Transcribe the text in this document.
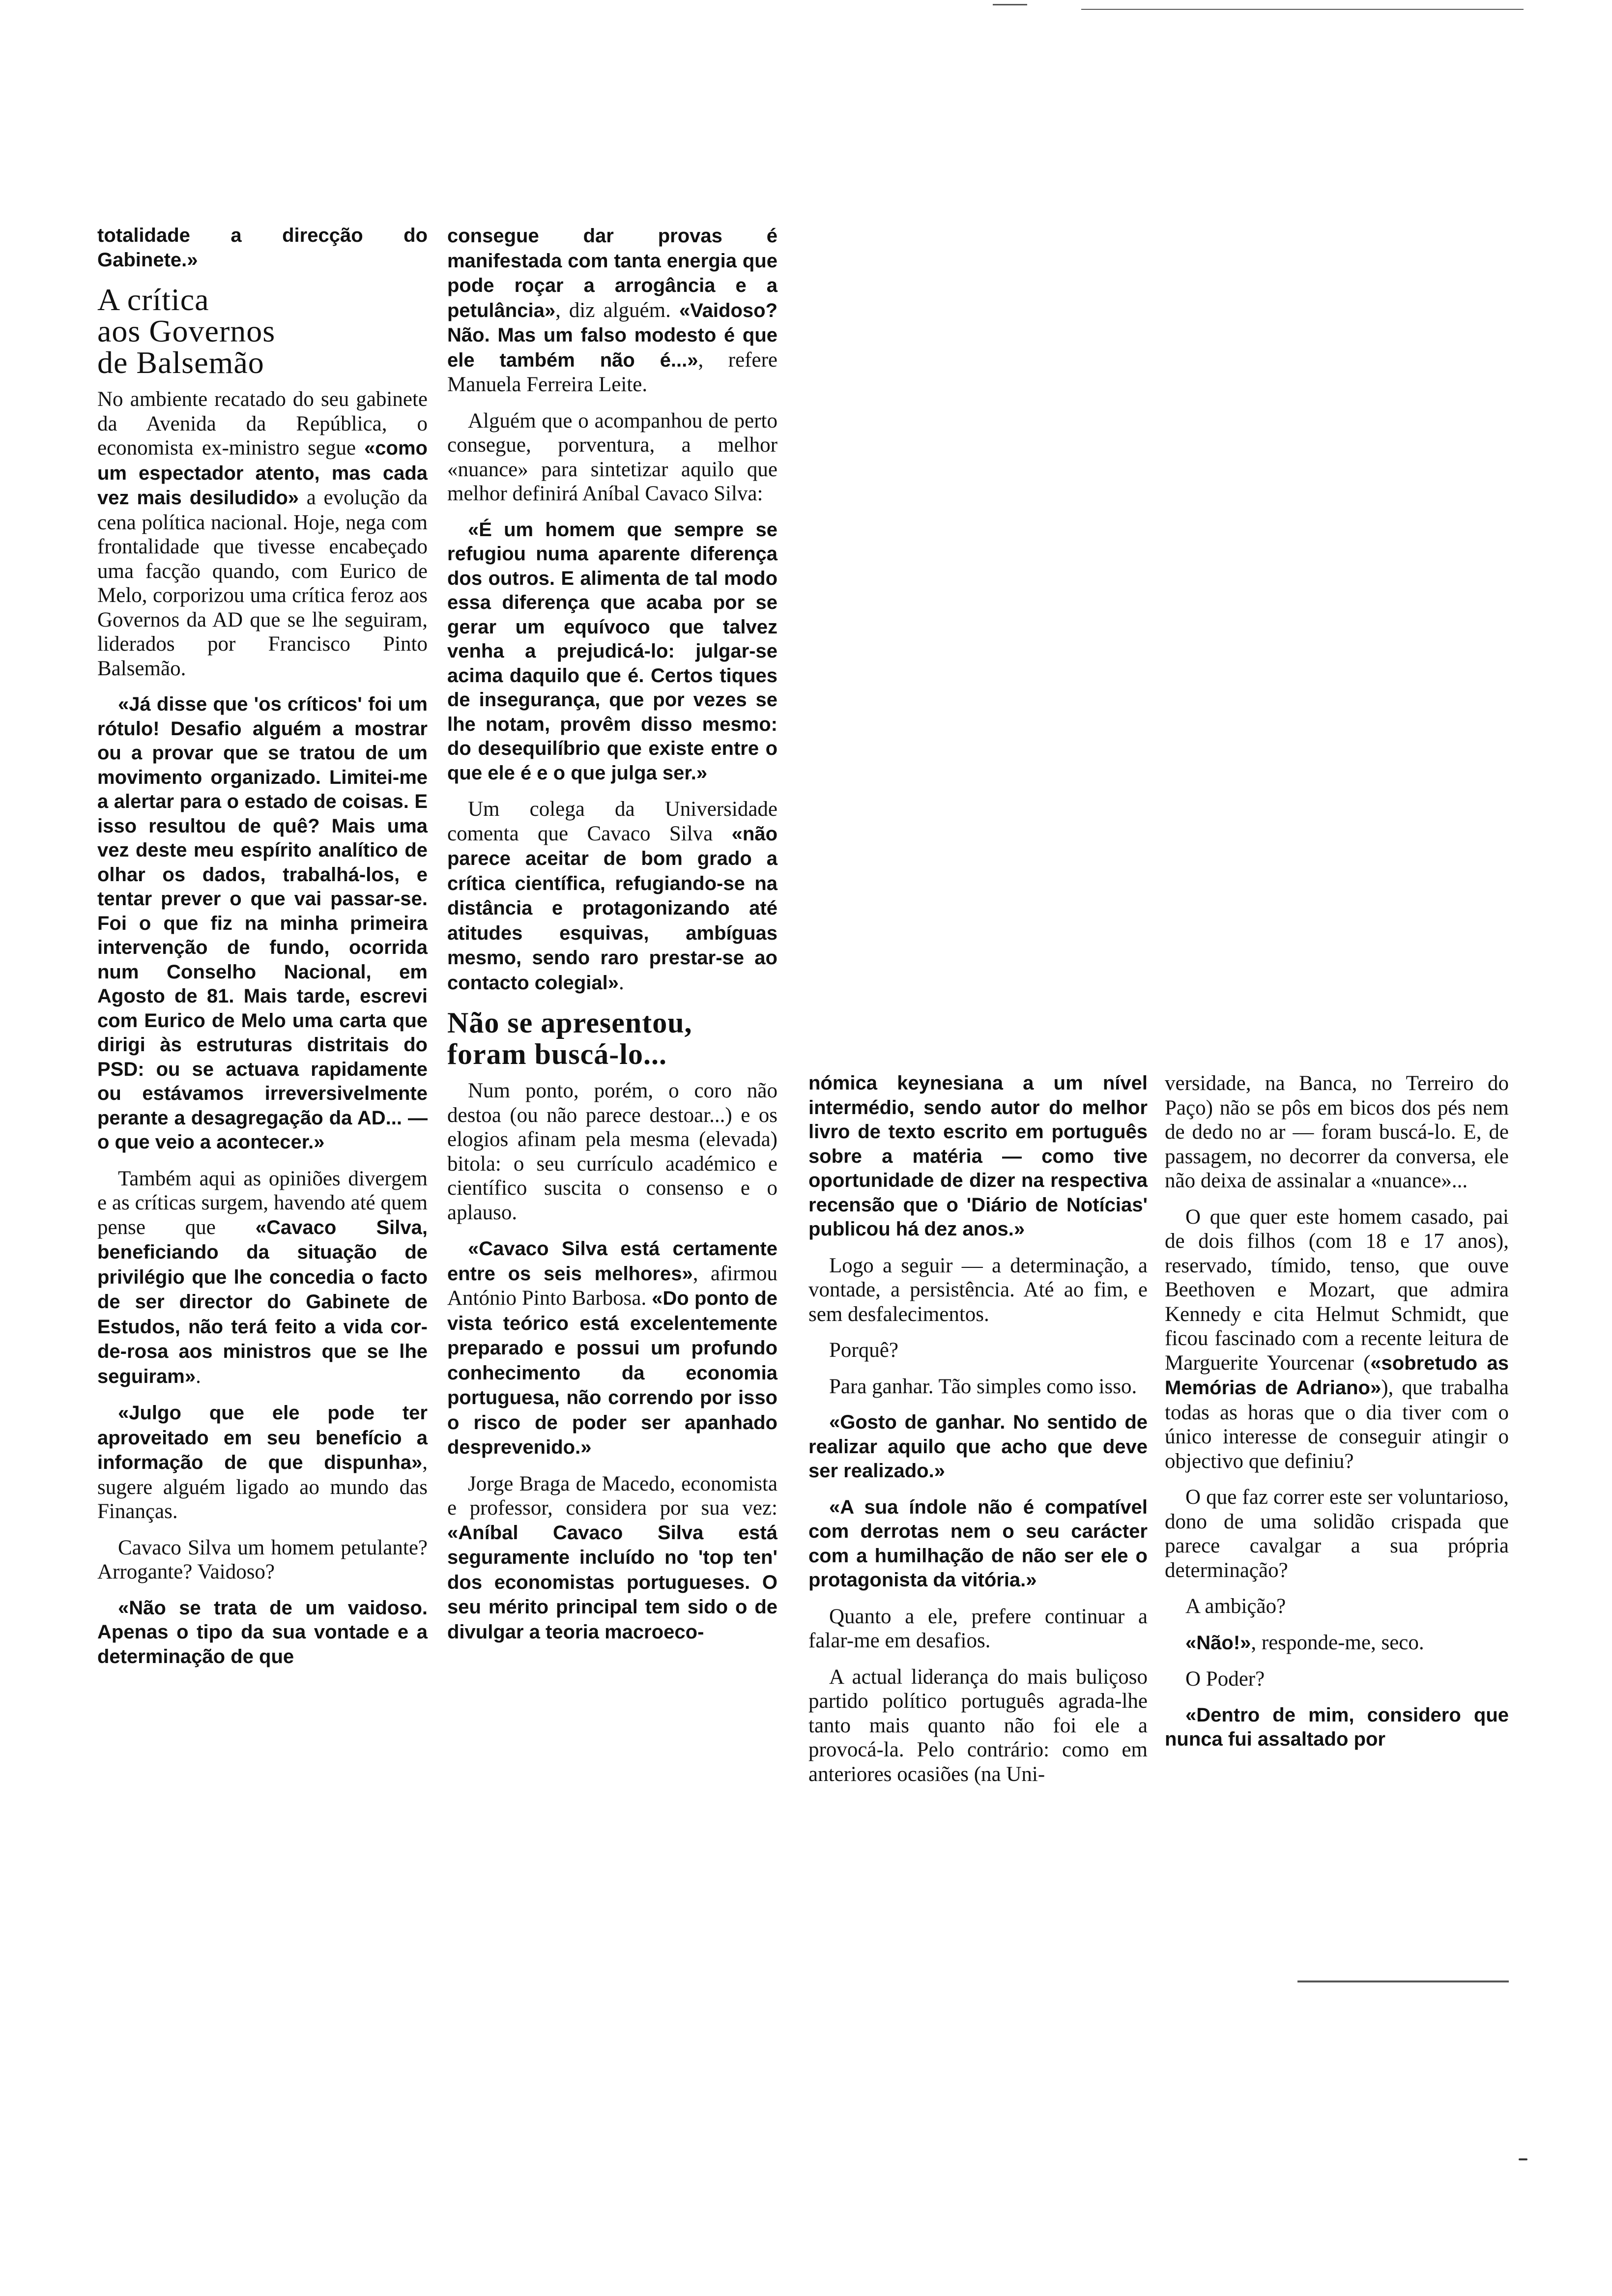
totalidade a direcção do Gabinete.»

A crítica
aos Governos
de Balsemão

No ambiente recatado do seu gabinete da Avenida da República, o economista ex-ministro segue «como um espectador atento, mas cada vez mais desiludido» a evolução da cena política nacional. Hoje, nega com frontalidade que tivesse encabeçado uma facção quando, com Eurico de Melo, corporizou uma crítica feroz aos Governos da AD que se lhe seguiram, liderados por Francisco Pinto Balsemão.

«Já disse que 'os críticos' foi um rótulo! Desafio alguém a mostrar ou a provar que se tratou de um movimento organizado. Limitei-me a alertar para o estado de coisas. E isso resultou de quê? Mais uma vez deste meu espírito analítico de olhar os dados, trabalhá-los, e tentar prever o que vai passar-se. Foi o que fiz na minha primeira intervenção de fundo, ocorrida num Conselho Nacional, em Agosto de 81. Mais tarde, escrevi com Eurico de Melo uma carta que dirigi às estruturas distritais do PSD: ou se actuava rapidamente ou estávamos irreversivelmente perante a desagregação da AD... — o que veio a acontecer.»

Também aqui as opiniões divergem e as críticas surgem, havendo até quem pense que «Cavaco Silva, beneficiando da situação de privilégio que lhe concedia o facto de ser director do Gabinete de Estudos, não terá feito a vida cor-de-rosa aos ministros que se lhe seguiram».

«Julgo que ele pode ter aproveitado em seu benefício a informação de que dispunha», sugere alguém ligado ao mundo das Finanças.

Cavaco Silva um homem petulante? Arrogante? Vaidoso?

«Não se trata de um vaidoso. Apenas o tipo da sua vontade e a determinação de que

consegue dar provas é manifestada com tanta energia que pode roçar a arrogância e a petulância», diz alguém. «Vaidoso? Não. Mas um falso modesto é que ele também não é...», refere Manuela Ferreira Leite.

Alguém que o acompanhou de perto consegue, porventura, a melhor «nuance» para sintetizar aquilo que melhor definirá Aníbal Cavaco Silva:

«É um homem que sempre se refugiou numa aparente diferença dos outros. E alimenta de tal modo essa diferença que acaba por se gerar um equívoco que talvez venha a prejudicá-lo: julgar-se acima daquilo que é. Certos tiques de insegurança, que por vezes se lhe notam, provêm disso mesmo: do desequilíbrio que existe entre o que ele é e o que julga ser.»

Um colega da Universidade comenta que Cavaco Silva «não parece aceitar de bom grado a crítica científica, refugiando-se na distância e protagonizando até atitudes esquivas, ambíguas mesmo, sendo raro prestar-se ao contacto colegial».

Não se apresentou,
foram buscá-lo...

Num ponto, porém, o coro não destoa (ou não parece destoar...) e os elogios afinam pela mesma (elevada) bitola: o seu currículo académico e científico suscita o consenso e o aplauso.

«Cavaco Silva está certamente entre os seis melhores», afirmou António Pinto Barbosa. «Do ponto de vista teórico está excelentemente preparado e possui um profundo conhecimento da economia portuguesa, não correndo por isso o risco de poder ser apanhado desprevenido.»

Jorge Braga de Macedo, economista e professor, considera por sua vez: «Aníbal Cavaco Silva está seguramente incluído no 'top ten' dos economistas portugueses. O seu mérito principal tem sido o de divulgar a teoria macroeco-

nómica keynesiana a um nível intermédio, sendo autor do melhor livro de texto escrito em português sobre a matéria — como tive oportunidade de dizer na respectiva recensão que o 'Diário de Notícias' publicou há dez anos.»

Logo a seguir — a determinação, a vontade, a persistência. Até ao fim, e sem desfalecimentos.

Porquê?

Para ganhar. Tão simples como isso.

«Gosto de ganhar. No sentido de realizar aquilo que acho que deve ser realizado.»

«A sua índole não é compatível com derrotas nem o seu carácter com a humilhação de não ser ele o protagonista da vitória.»

Quanto a ele, prefere continuar a falar-me em desafios.

A actual liderança do mais buliçoso partido político português agrada-lhe tanto mais quanto não foi ele a provocá-la. Pelo contrário: como em anteriores ocasiões (na Uni-

versidade, na Banca, no Terreiro do Paço) não se pôs em bicos dos pés nem de dedo no ar — foram buscá-lo. E, de passagem, no decorrer da conversa, ele não deixa de assinalar a «nuance»...

O que quer este homem casado, pai de dois filhos (com 18 e 17 anos), reservado, tímido, tenso, que ouve Beethoven e Mozart, que admira Kennedy e cita Helmut Schmidt, que ficou fascinado com a recente leitura de Marguerite Yourcenar («sobretudo as Memórias de Adriano»), que trabalha todas as horas que o dia tiver com o único interesse de conseguir atingir o objectivo que definiu?

O que faz correr este ser voluntarioso, dono de uma solidão crispada que parece cavalgar a sua própria determinação?

A ambição?

«Não!», responde-me, seco.

O Poder?

«Dentro de mim, considero que nunca fui assaltado por
